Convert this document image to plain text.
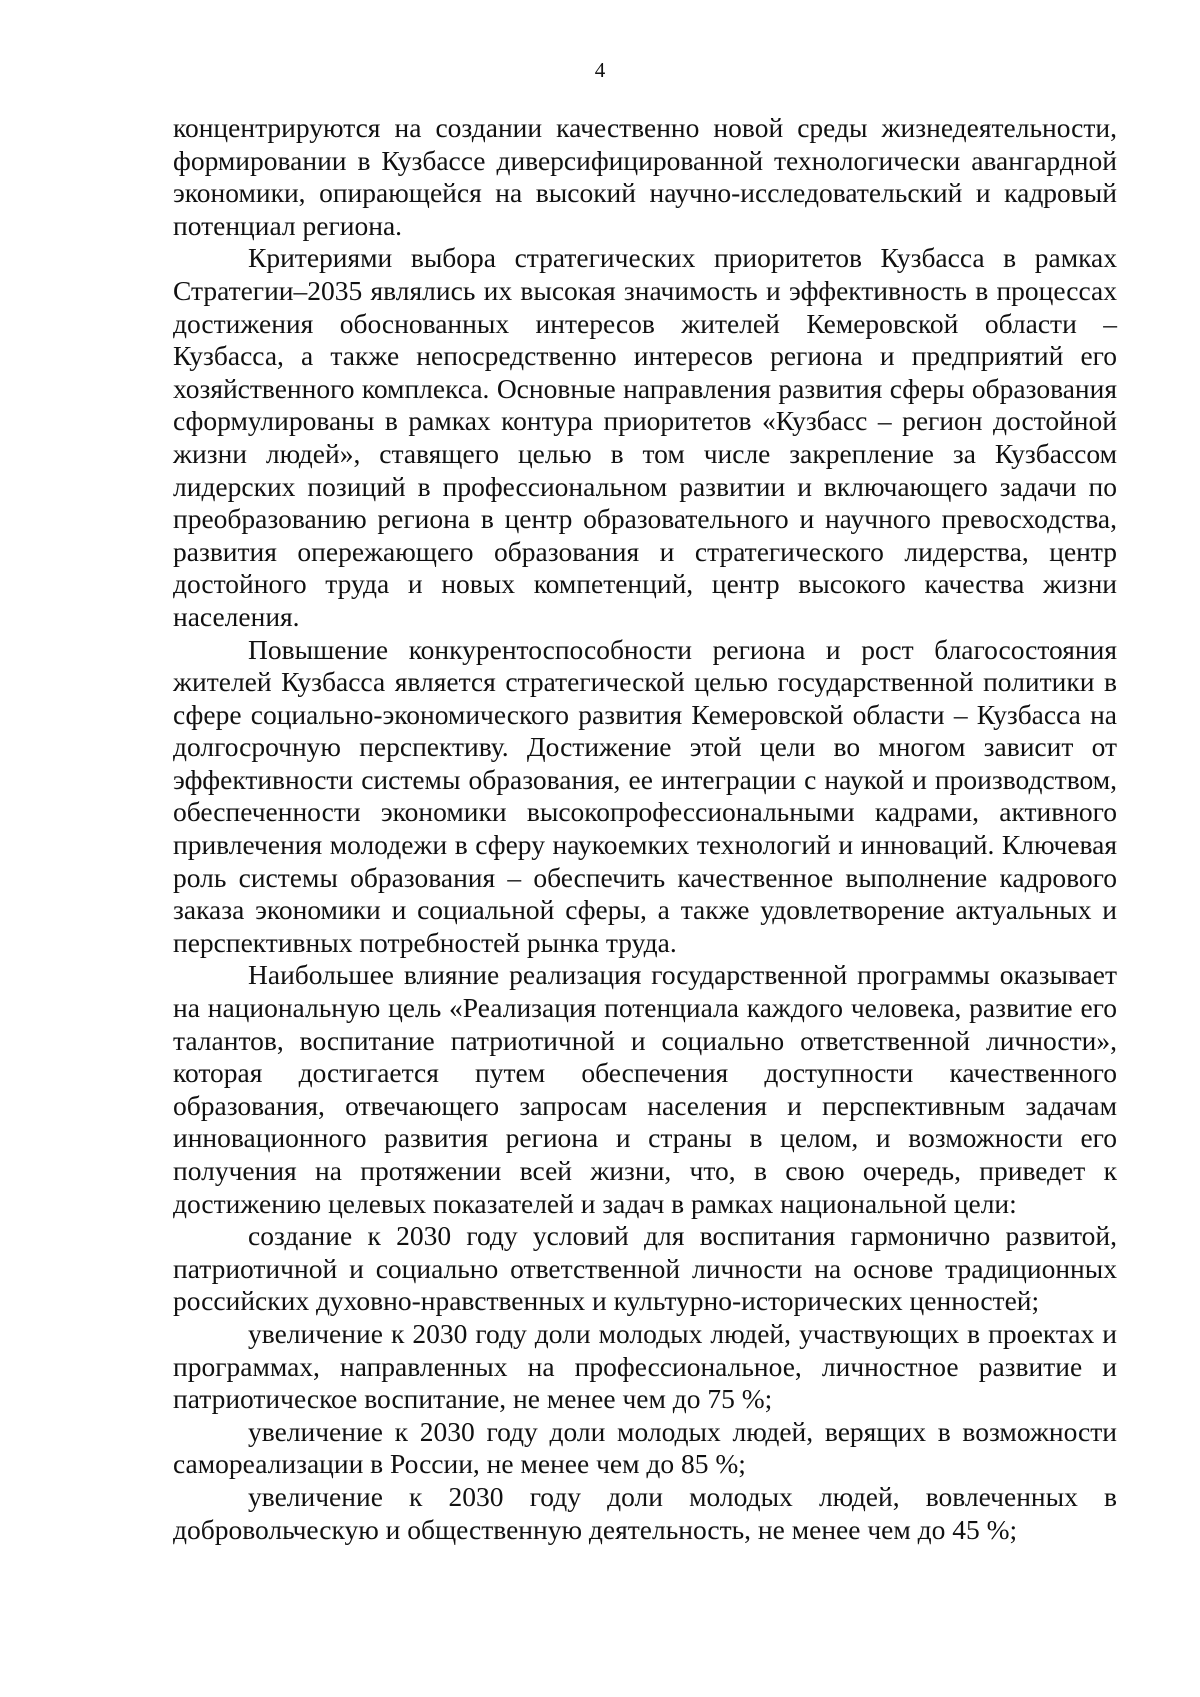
4

концентрируются на создании качественно новой среды жизнедеятельности, формировании в Кузбассе диверсифицированной технологически авангардной экономики, опирающейся на высокий научно-исследовательский и кадровый потенциал региона.

Критериями выбора стратегических приоритетов Кузбасса в рамках Стратегии–2035 являлись их высокая значимость и эффективность в процессах достижения обоснованных интересов жителей Кемеровской области – Кузбасса, а также непосредственно интересов региона и предприятий его хозяйственного комплекса. Основные направления развития сферы образования сформулированы в рамках контура приоритетов «Кузбасс – регион достойной жизни людей», ставящего целью в том числе закрепление за Кузбассом лидерских позиций в профессиональном развитии и включающего задачи по преобразованию региона в центр образовательного и научного превосходства, развития опережающего образования и стратегического лидерства, центр достойного труда и новых компетенций, центр высокого качества жизни населения.

Повышение конкурентоспособности региона и рост благосостояния жителей Кузбасса является стратегической целью государственной политики в сфере социально-экономического развития Кемеровской области – Кузбасса на долгосрочную перспективу. Достижение этой цели во многом зависит от эффективности системы образования, ее интеграции с наукой и производством, обеспеченности экономики высокопрофессиональными кадрами, активного привлечения молодежи в сферу наукоемких технологий и инноваций. Ключевая роль системы образования – обеспечить качественное выполнение кадрового заказа экономики и социальной сферы, а также удовлетворение актуальных и перспективных потребностей рынка труда.

Наибольшее влияние реализация государственной программы оказывает на национальную цель «Реализация потенциала каждого человека, развитие его талантов, воспитание патриотичной и социально ответственной личности», которая достигается путем обеспечения доступности качественного образования, отвечающего запросам населения и перспективным задачам инновационного развития региона и страны в целом, и возможности его получения на протяжении всей жизни, что, в свою очередь, приведет к достижению целевых показателей и задач в рамках национальной цели:

создание к 2030 году условий для воспитания гармонично развитой, патриотичной и социально ответственной личности на основе традиционных российских духовно-нравственных и культурно-исторических ценностей;

увеличение к 2030 году доли молодых людей, участвующих в проектах и программах, направленных на профессиональное, личностное развитие и патриотическое воспитание, не менее чем до 75 %;

увеличение к 2030 году доли молодых людей, верящих в возможности самореализации в России, не менее чем до 85 %;

увеличение к 2030 году доли молодых людей, вовлеченных в добровольческую и общественную деятельность, не менее чем до 45 %;
